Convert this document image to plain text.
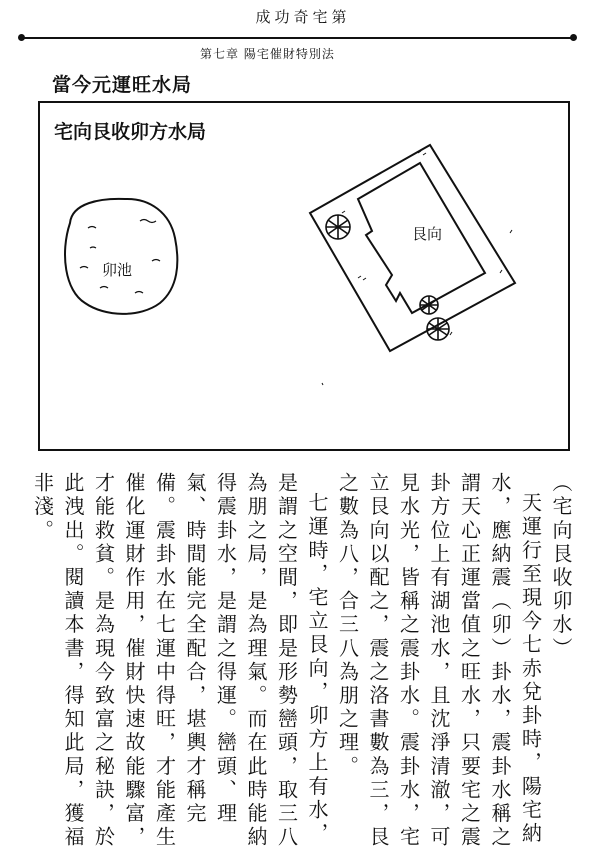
成功奇宅第
第七章 陽宅催財特別法
當今元運旺水局
宅向艮收卯方水局
卯池
艮向

（宅向艮收卯水）

天運行至現今七赤兌卦時，陽宅納水，應納震（卯）卦水，震卦水稱之謂天心正運當值之旺水，只要宅之震卦方位上有湖池水，且沈淨清澈，可見水光，皆稱之震卦水。震卦水，宅立艮向以配之，震之洛書數為三，艮之數為八，合三八為朋之理。

七運時，宅立艮向，卯方上有水，是謂之空間，即是形勢巒頭，取三八為朋之局，是為理氣。而在此時能納得震卦水，是謂之得運。巒頭、理氣、時間能完全配合，堪輿才稱完備。震卦水在七運中得旺，才能產生催化運財作用，催財快速故能驟富，才能救貧。是為現今致富之秘訣，於此洩出。閱讀本書，得知此局，獲福非淺。
